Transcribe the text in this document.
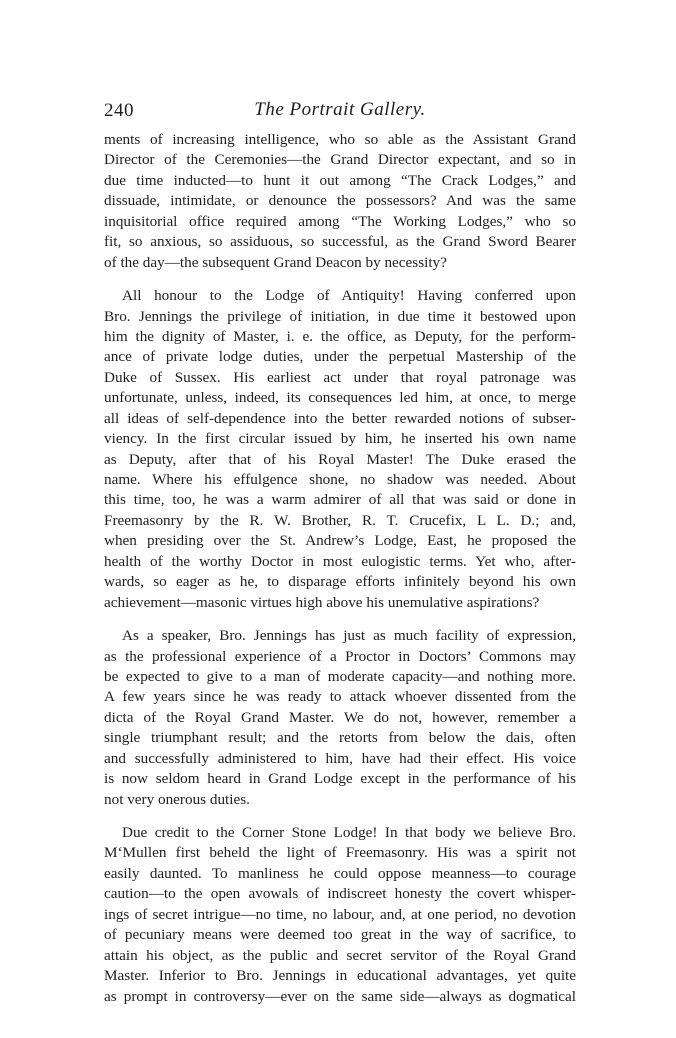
240	The Portrait Gallery.
ments of increasing intelligence, who so able as the Assistant Grand
Director of the Ceremonies—the Grand Director expectant, and so in
due time inducted—to hunt it out among “The Crack Lodges,” and
dissuade, intimidate, or denounce the possessors? And was the same
inquisitorial office required among “The Working Lodges,” who so
fit, so anxious, so assiduous, so successful, as the Grand Sword Bearer
of the day—the subsequent Grand Deacon by necessity?
All honour to the Lodge of Antiquity! Having conferred upon
Bro. Jennings the privilege of initiation, in due time it bestowed upon
him the dignity of Master, i. e. the office, as Deputy, for the perform-
ance of private lodge duties, under the perpetual Mastership of the
Duke of Sussex. His earliest act under that royal patronage was
unfortunate, unless, indeed, its consequences led him, at once, to merge
all ideas of self-dependence into the better rewarded notions of subser-
viency. In the first circular issued by him, he inserted his own name
as Deputy, after that of his Royal Master! The Duke erased the
name. Where his effulgence shone, no shadow was needed. About
this time, too, he was a warm admirer of all that was said or done in
Freemasonry by the R. W. Brother, R. T. Crucefix, L L. D.; and,
when presiding over the St. Andrew’s Lodge, East, he proposed the
health of the worthy Doctor in most eulogistic terms. Yet who, after-
wards, so eager as he, to disparage efforts infinitely beyond his own
achievement—masonic virtues high above his unemulative aspirations?
As a speaker, Bro. Jennings has just as much facility of expression,
as the professional experience of a Proctor in Doctors’ Commons may
be expected to give to a man of moderate capacity—and nothing more.
A few years since he was ready to attack whoever dissented from the
dicta of the Royal Grand Master. We do not, however, remember a
single triumphant result; and the retorts from below the dais, often
and successfully administered to him, have had their effect. His voice
is now seldom heard in Grand Lodge except in the performance of his
not very onerous duties.
Due credit to the Corner Stone Lodge! In that body we believe Bro.
M‘Mullen first beheld the light of Freemasonry. His was a spirit not
easily daunted. To manliness he could oppose meanness—to courage
caution—to the open avowals of indiscreet honesty the covert whisper-
ings of secret intrigue—no time, no labour, and, at one period, no devotion
of pecuniary means were deemed too great in the way of sacrifice, to
attain his object, as the public and secret servitor of the Royal Grand
Master. Inferior to Bro. Jennings in educational advantages, yet quite
as prompt in controversy—ever on the same side—always as dogmatical
